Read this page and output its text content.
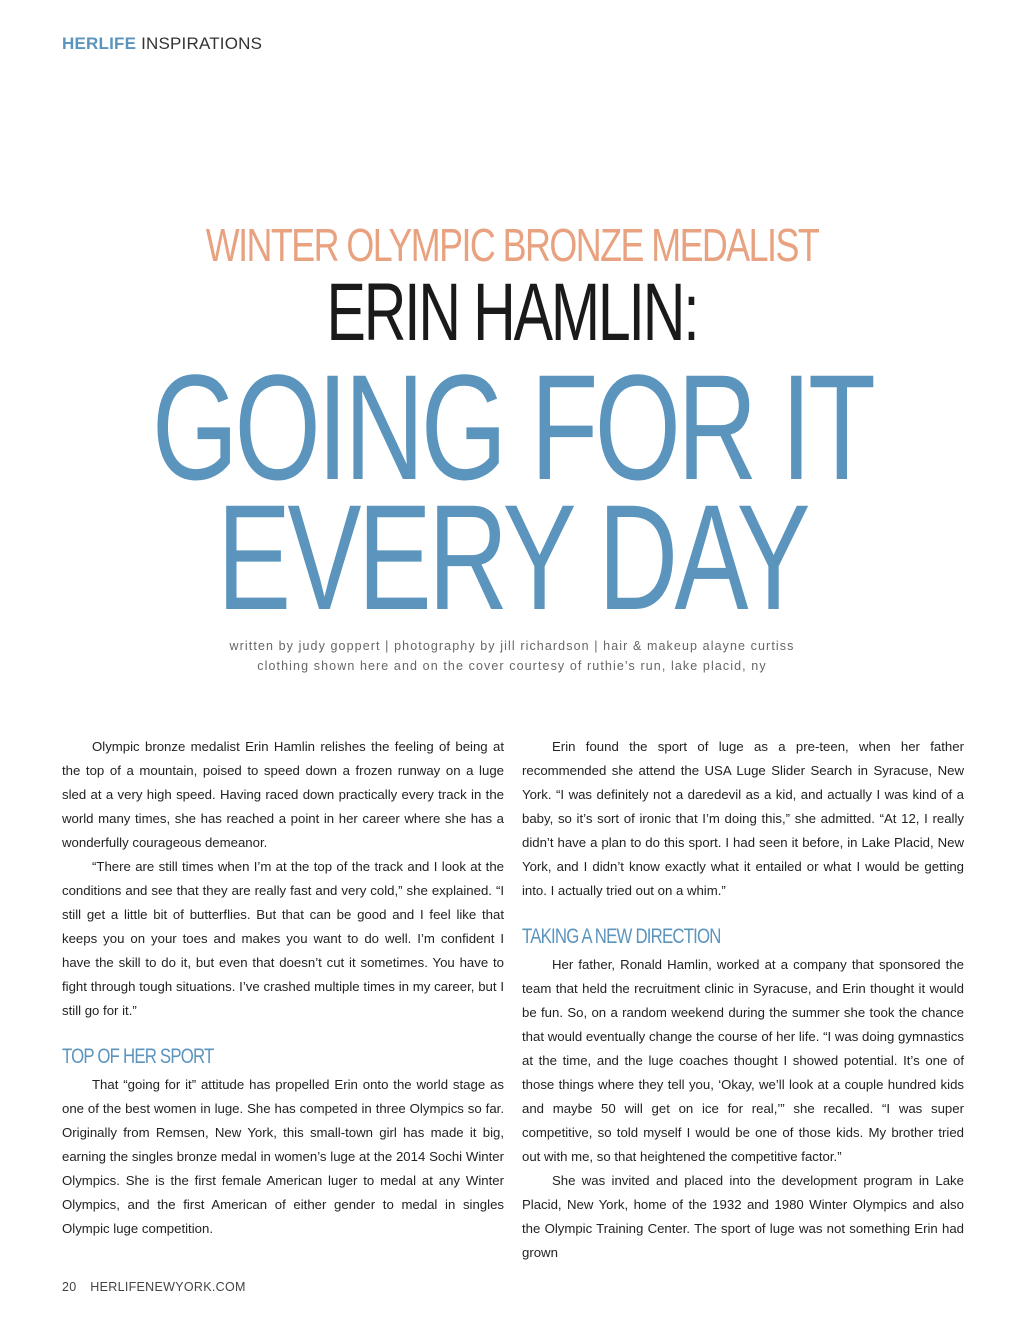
HERLIFE INSPIRATIONS
WINTER OLYMPIC BRONZE MEDALIST
ERIN HAMLIN:
GOING FOR IT
EVERY DAY
written by judy goppert | photography by jill richardson | hair & makeup alayne curtiss
clothing shown here and on the cover courtesy of ruthie’s run, lake placid, ny

Olympic bronze medalist Erin Hamlin relishes the feeling of being at the top of a mountain, poised to speed down a frozen runway on a luge sled at a very high speed. Having raced down practically every track in the world many times, she has reached a point in her career where she has a wonderfully courageous demeanor.

“There are still times when I’m at the top of the track and I look at the conditions and see that they are really fast and very cold,” she explained. “I still get a little bit of butterflies. But that can be good and I feel like that keeps you on your toes and makes you want to do well. I’m confident I have the skill to do it, but even that doesn’t cut it sometimes. You have to fight through tough situations. I’ve crashed multiple times in my career, but I still go for it.”

TOP OF HER SPORT

That “going for it” attitude has propelled Erin onto the world stage as one of the best women in luge. She has competed in three Olympics so far. Originally from Remsen, New York, this small-town girl has made it big, earning the singles bronze medal in women’s luge at the 2014 Sochi Winter Olympics. She is the first female American luger to medal at any Winter Olympics, and the first American of either gender to medal in singles Olympic luge competition.

Erin found the sport of luge as a pre-teen, when her father recommended she attend the USA Luge Slider Search in Syracuse, New York. “I was definitely not a daredevil as a kid, and actually I was kind of a baby, so it’s sort of ironic that I’m doing this,” she admitted. “At 12, I really didn’t have a plan to do this sport. I had seen it before, in Lake Placid, New York, and I didn’t know exactly what it entailed or what I would be getting into. I actually tried out on a whim.”

TAKING A NEW DIRECTION

Her father, Ronald Hamlin, worked at a company that sponsored the team that held the recruitment clinic in Syracuse, and Erin thought it would be fun. So, on a random weekend during the summer she took the chance that would eventually change the course of her life. “I was doing gymnastics at the time, and the luge coaches thought I showed potential. It’s one of those things where they tell you, ‘Okay, we’ll look at a couple hundred kids and maybe 50 will get on ice for real,’” she recalled. “I was super competitive, so told myself I would be one of those kids. My brother tried out with me, so that heightened the competitive factor.”

She was invited and placed into the development program in Lake Placid, New York, home of the 1932 and 1980 Winter Olympics and also the Olympic Training Center. The sport of luge was not something Erin had grown

20 HERLIFENEWYORK.COM
